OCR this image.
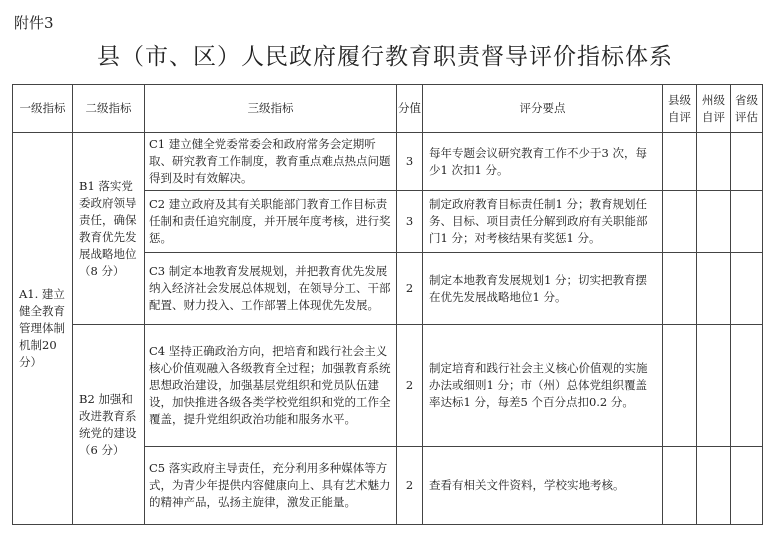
附件3
县（市、区）人民政府履行教育职责督导评价指标体系
一级指标	二级指标	三级指标	分值	评分要点	县级自评	州级自评	省级评估
A1. 建立健全教育管理体制机制20 分）	B1 落实党委政府领导责任，确保教育优先发展战略地位（8 分）	C1 建立健全党委常委会和政府常务会定期听取、研究教育工作制度，教育重点难点热点问题得到及时有效解决。	3	每年专题会议研究教育工作不少于3 次，每少1 次扣1 分。			
		C2 建立政府及其有关职能部门教育工作目标责任制和责任追究制度，并开展年度考核，进行奖惩。	3	制定政府教育目标责任制1 分；教育规划任务、目标、项目责任分解到政府有关职能部门1 分；对考核结果有奖惩1 分。			
		C3 制定本地教育发展规划，并把教育优先发展纳入经济社会发展总体规划，在领导分工、干部配置、财力投入、工作部署上体现优先发展。	2	制定本地教育发展规划1 分；切实把教育摆在优先发展战略地位1 分。			
	B2 加强和改进教育系统党的建设（6 分）	C4 坚持正确政治方向，把培育和践行社会主义核心价值观融入各级教育全过程；加强教育系统思想政治建设，加强基层党组织和党员队伍建设，加快推进各级各类学校党组织和党的工作全覆盖，提升党组织政治功能和服务水平。	2	制定培育和践行社会主义核心价值观的实施办法或细则1 分；市（州）总体党组织覆盖率达标1 分，每差5 个百分点扣0.2 分。			
		C5 落实政府主导责任，充分利用多种媒体等方式，为青少年提供内容健康向上、具有艺术魅力的精神产品，弘扬主旋律，激发正能量。	2	查看有相关文件资料，学校实地考核。			
